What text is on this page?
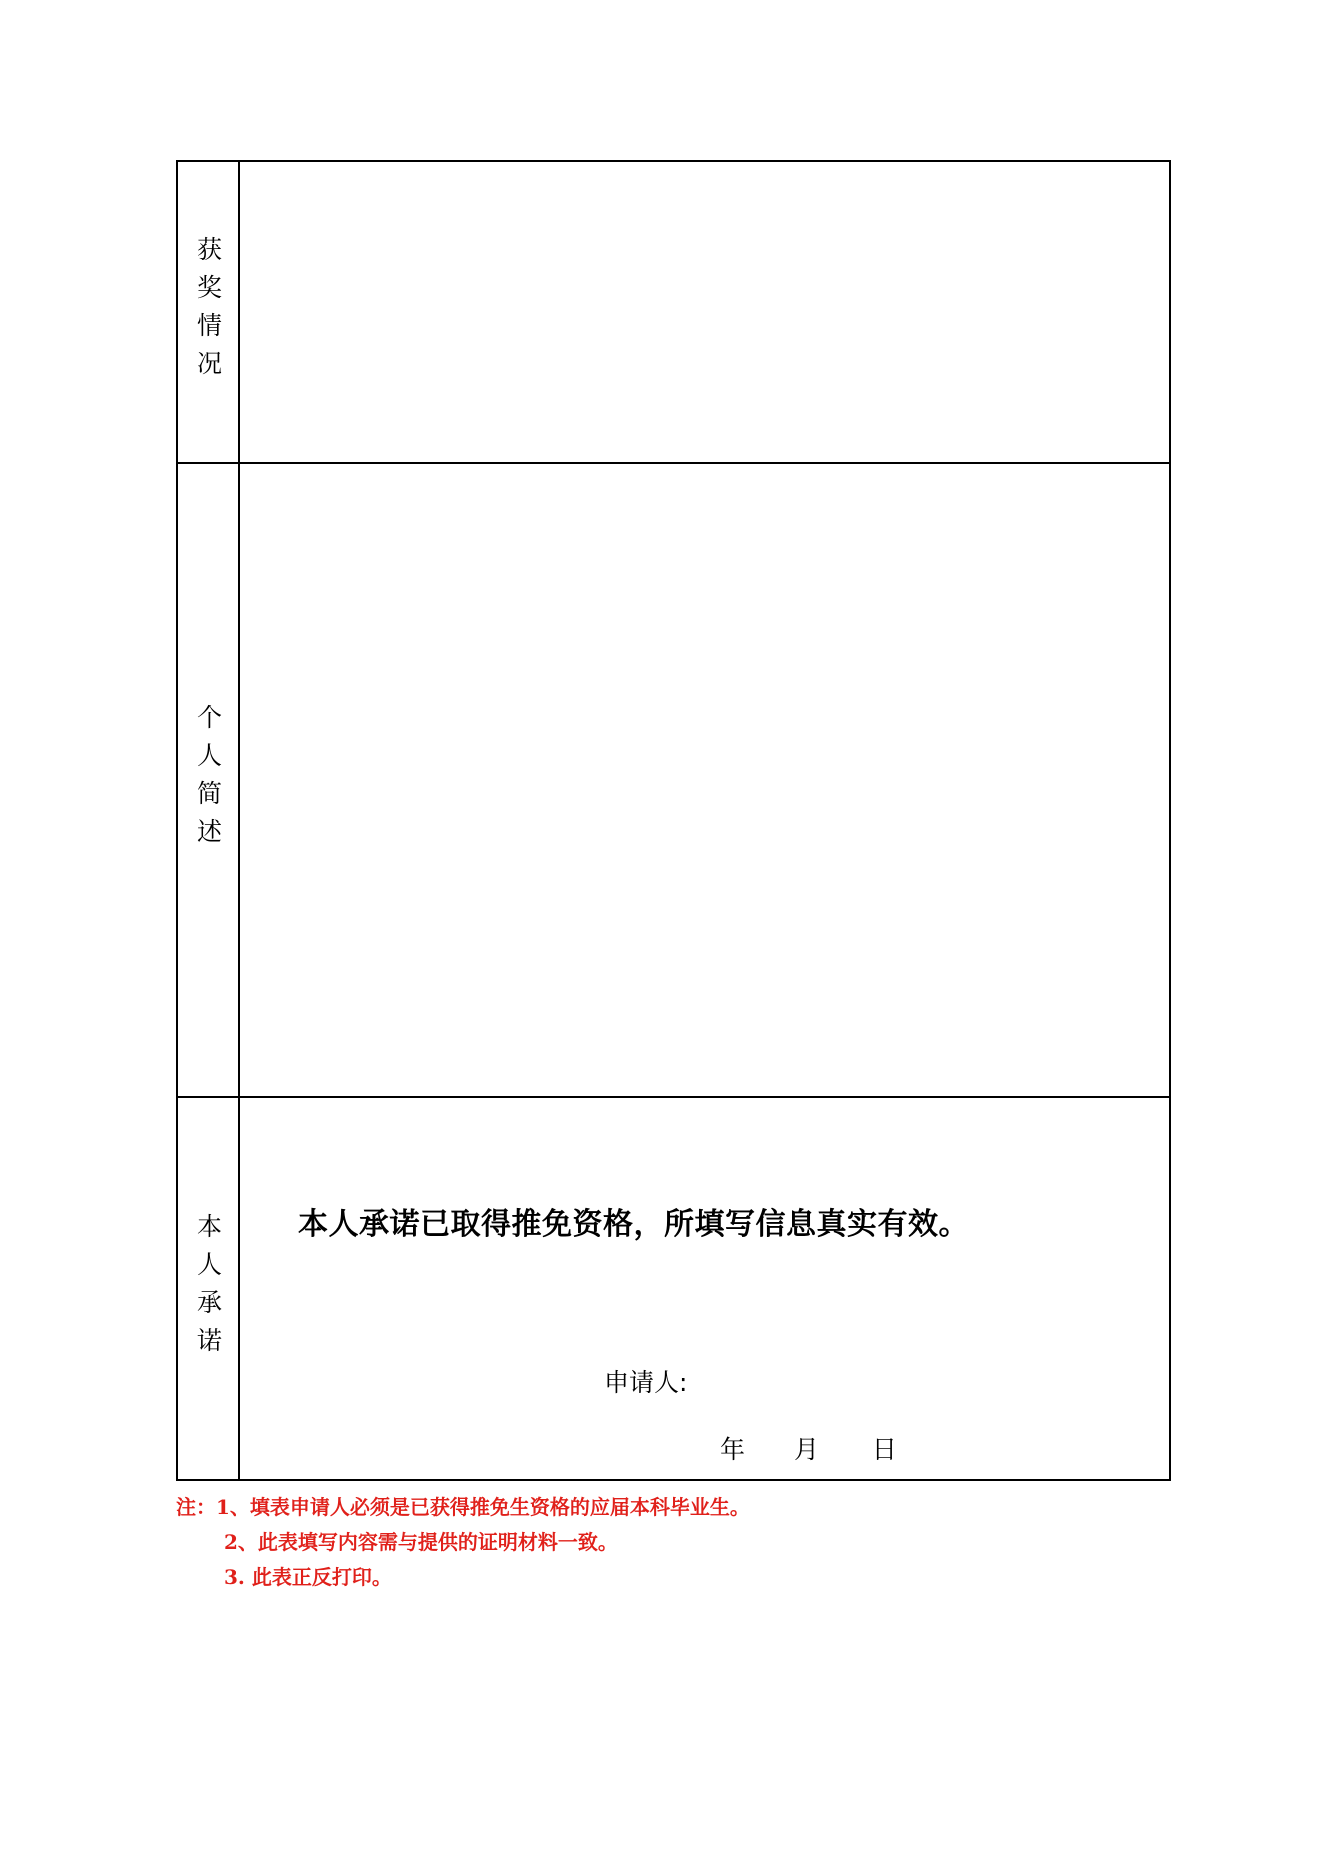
获奖情况
个人简述
本人承诺	本人承诺已取得推免资格，所填写信息真实有效。
申请人:
年 月 日
注：1、填表申请人必须是已获得推免生资格的应届本科毕业生。
2、此表填写内容需与提供的证明材料一致。
3. 此表正反打印。
